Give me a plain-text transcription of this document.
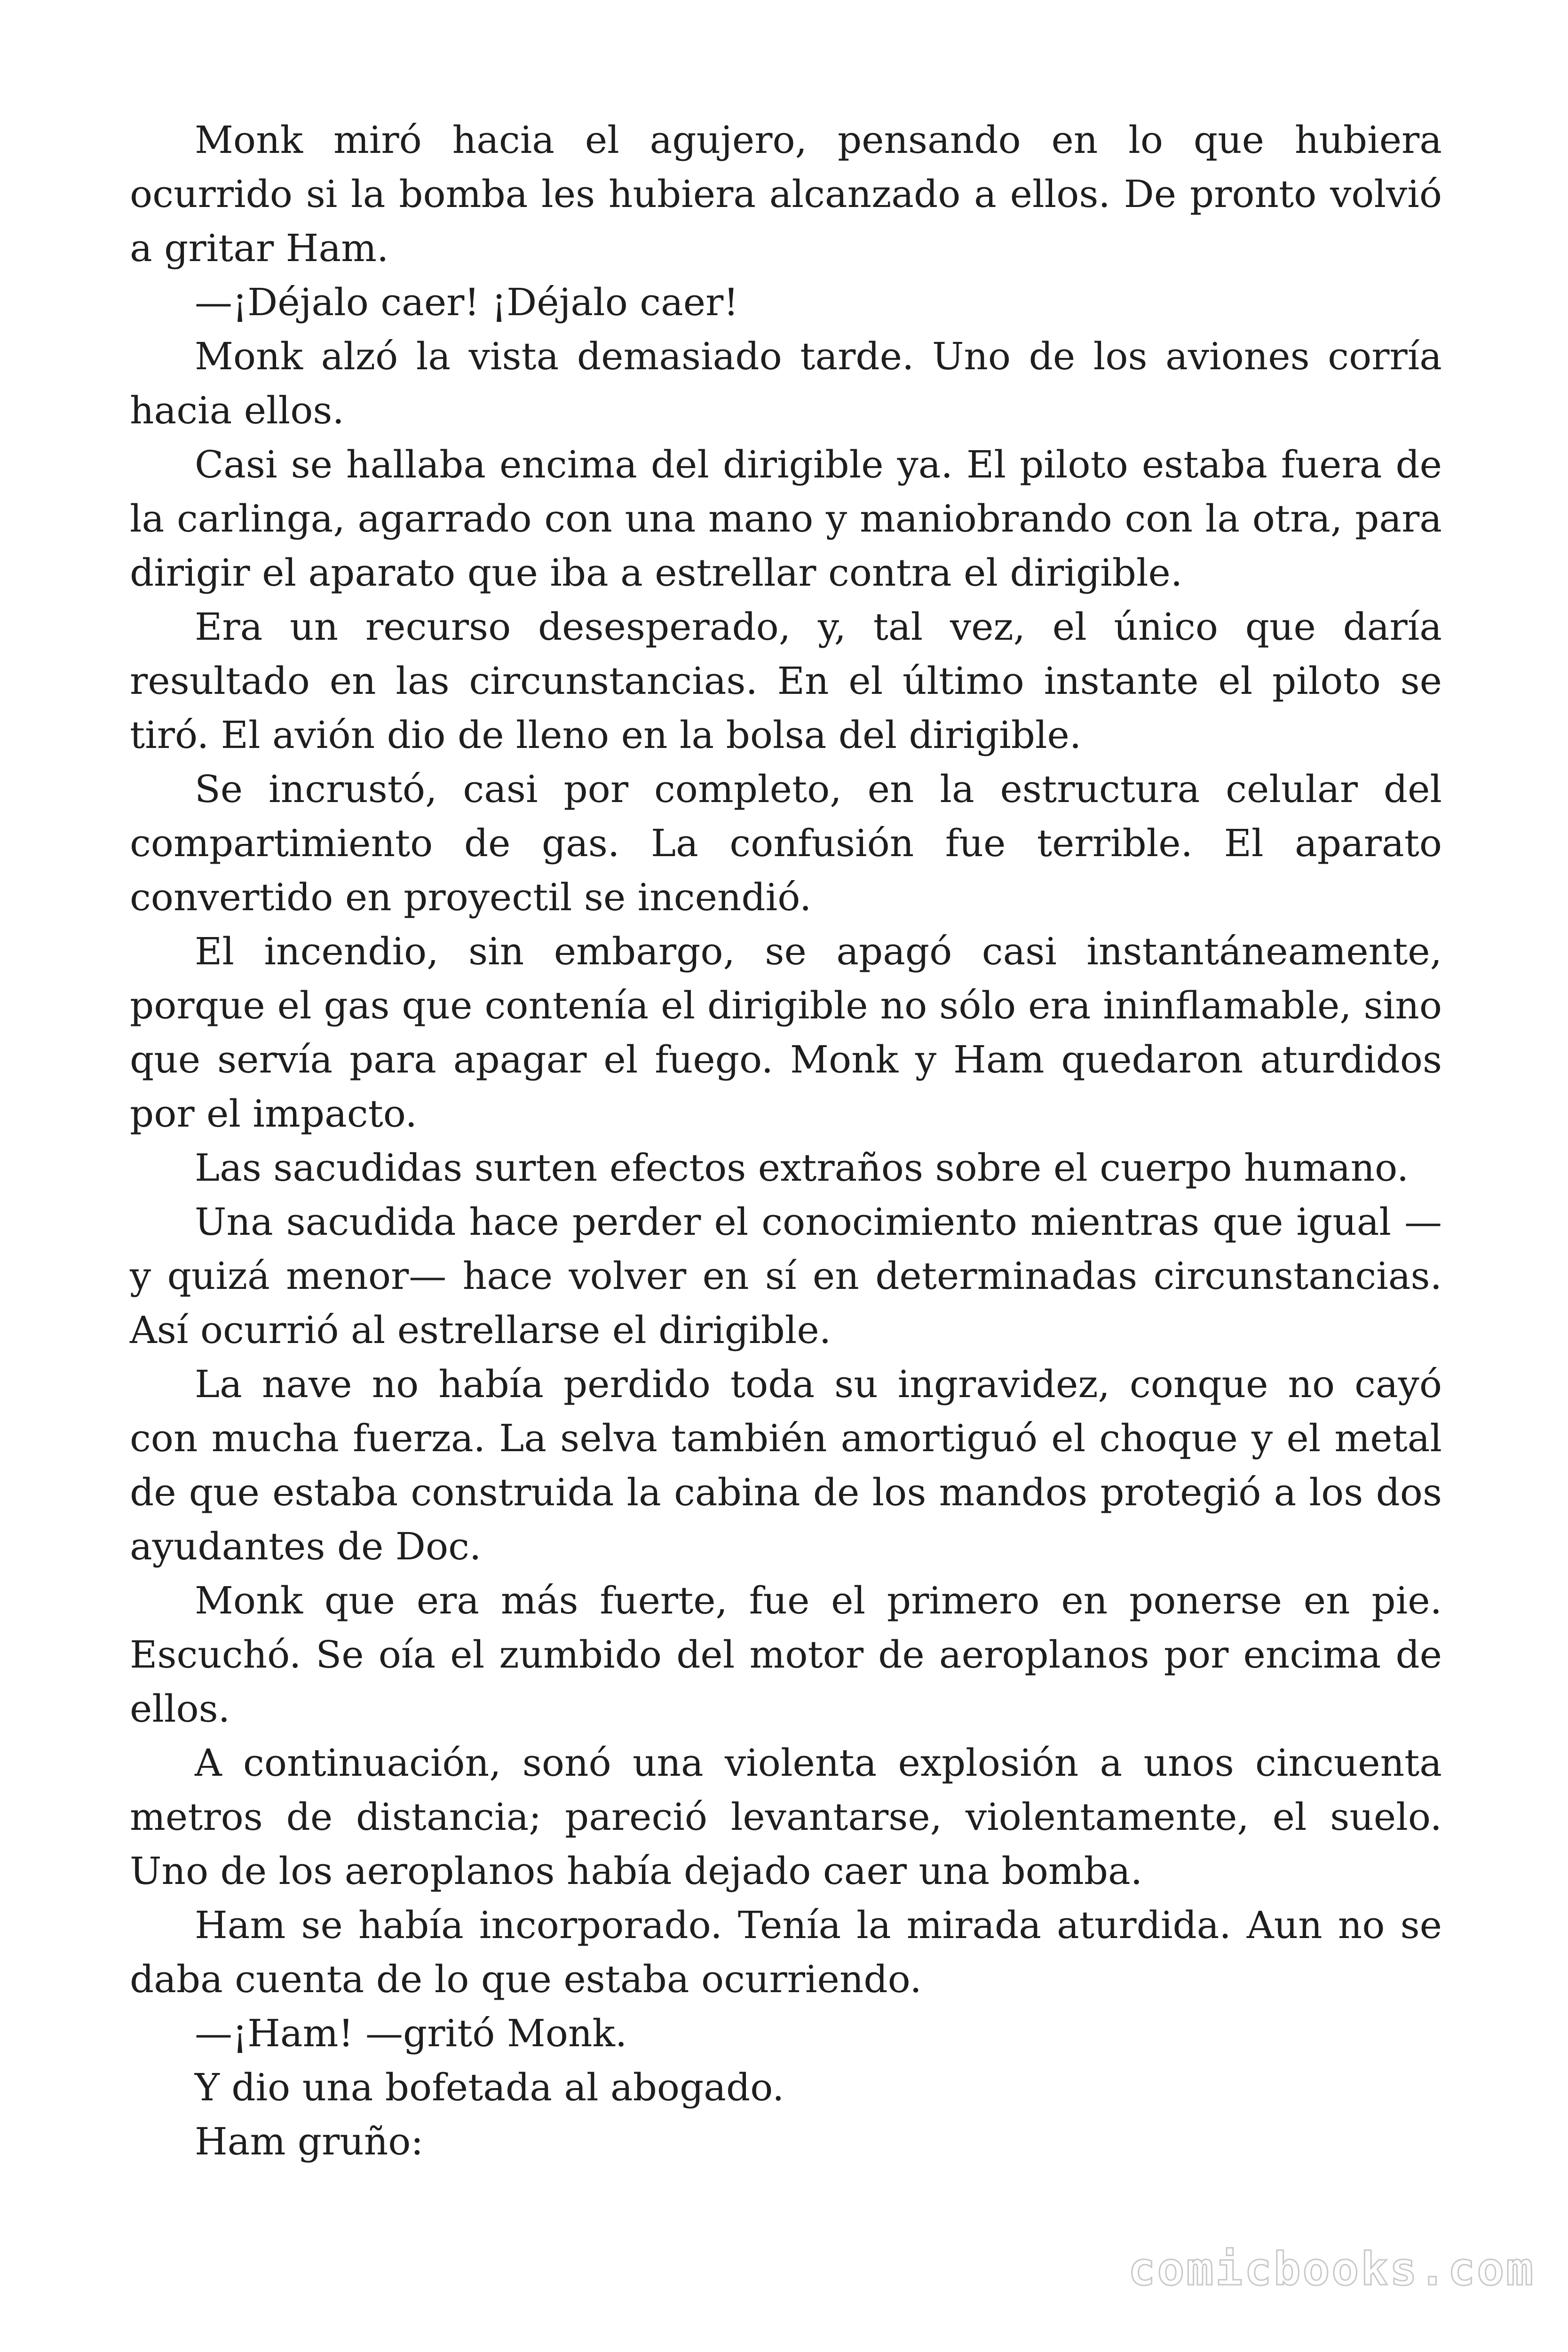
Monk miró hacia el agujero, pensando en lo que hubiera ocurrido si la bomba les hubiera alcanzado a ellos. De pronto volvió a gritar Ham.

—¡Déjalo caer! ¡Déjalo caer!

Monk alzó la vista demasiado tarde. Uno de los aviones corría hacia ellos.

Casi se hallaba encima del dirigible ya. El piloto estaba fuera de la carlinga, agarrado con una mano y maniobrando con la otra, para dirigir el aparato que iba a estrellar contra el dirigible.

Era un recurso desesperado, y, tal vez, el único que daría resultado en las circunstancias. En el último instante el piloto se tiró. El avión dio de lleno en la bolsa del dirigible.

Se incrustó, casi por completo, en la estructura celular del compartimiento de gas. La confusión fue terrible. El aparato convertido en proyectil se incendió.

El incendio, sin embargo, se apagó casi instantáneamente, porque el gas que contenía el dirigible no sólo era ininflamable, sino que servía para apagar el fuego. Monk y Ham quedaron aturdidos por el impacto.

Las sacudidas surten efectos extraños sobre el cuerpo humano.

Una sacudida hace perder el conocimiento mientras que igual — y quizá menor— hace volver en sí en determinadas circunstancias. Así ocurrió al estrellarse el dirigible.

La nave no había perdido toda su ingravidez, conque no cayó con mucha fuerza. La selva también amortiguó el choque y el metal de que estaba construida la cabina de los mandos protegió a los dos ayudantes de Doc.

Monk que era más fuerte, fue el primero en ponerse en pie. Escuchó. Se oía el zumbido del motor de aeroplanos por encima de ellos.

A continuación, sonó una violenta explosión a unos cincuenta metros de distancia; pareció levantarse, violentamente, el suelo. Uno de los aeroplanos había dejado caer una bomba.

Ham se había incorporado. Tenía la mirada aturdida. Aun no se daba cuenta de lo que estaba ocurriendo.

—¡Ham! —gritó Monk.

Y dio una bofetada al abogado.

Ham gruño:

comicbooks.com
